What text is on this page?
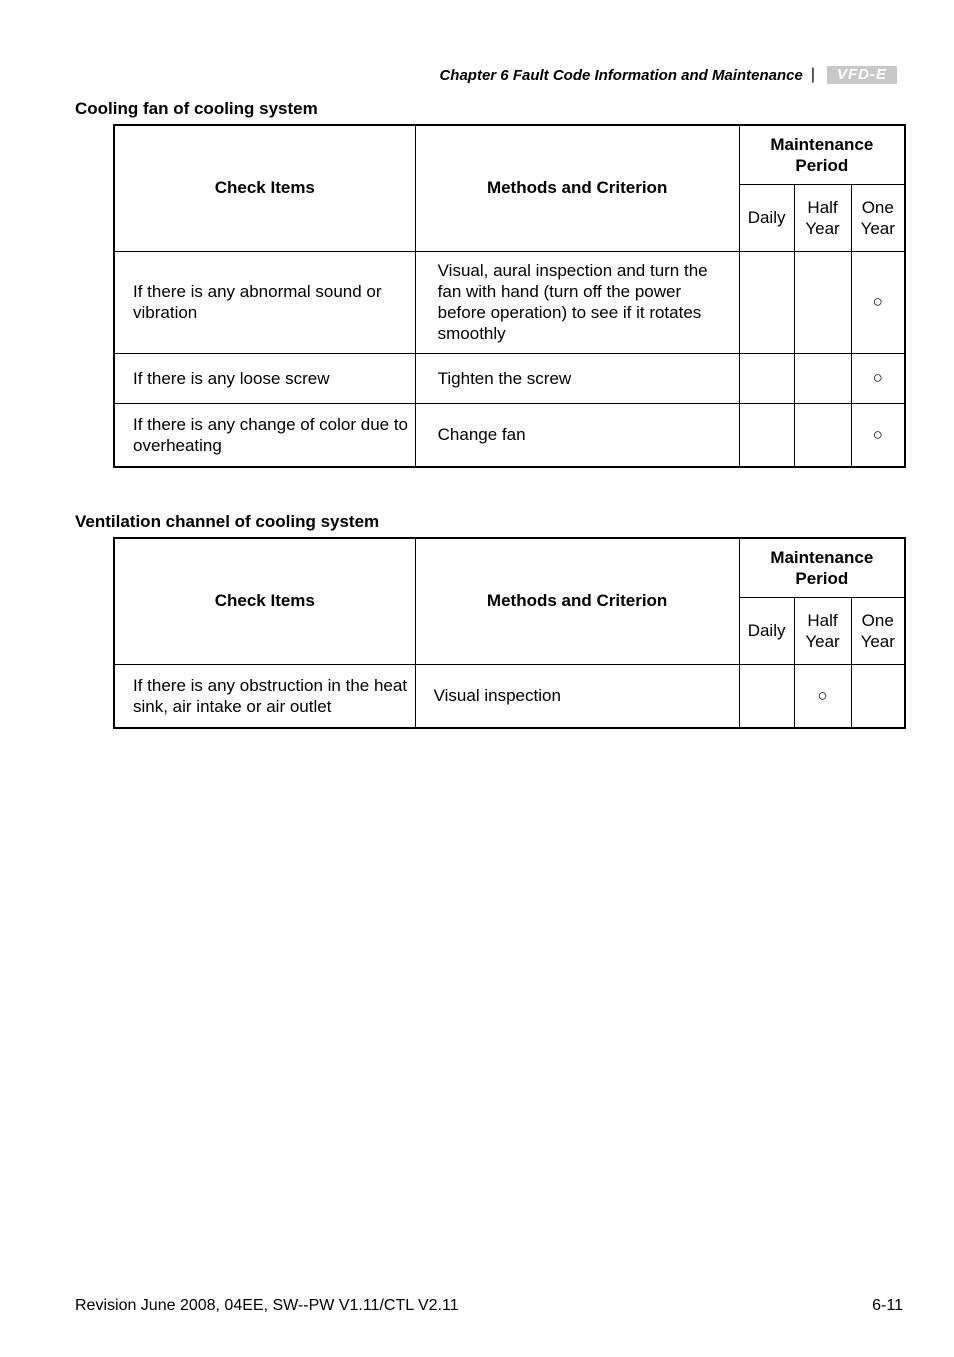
Chapter 6 Fault Code Information and Maintenance |	VFD-E
Cooling fan of cooling system
Check Items	Methods and Criterion	Maintenance Period		
		Daily	Half Year	One Year
If there is any abnormal sound or vibration	Visual, aural inspection and turn the fan with hand (turn off the power before operation) to see if it rotates smoothly			○
If there is any loose screw	Tighten the screw			○
If there is any change of color due to overheating	Change fan			○
Ventilation channel of cooling system
Check Items	Methods and Criterion	Maintenance Period		
		Daily	Half Year	One Year
If there is any obstruction in the heat sink, air intake or air outlet	Visual inspection		○	
Revision June 2008, 04EE, SW--PW V1.11/CTL V2.11	6-11
